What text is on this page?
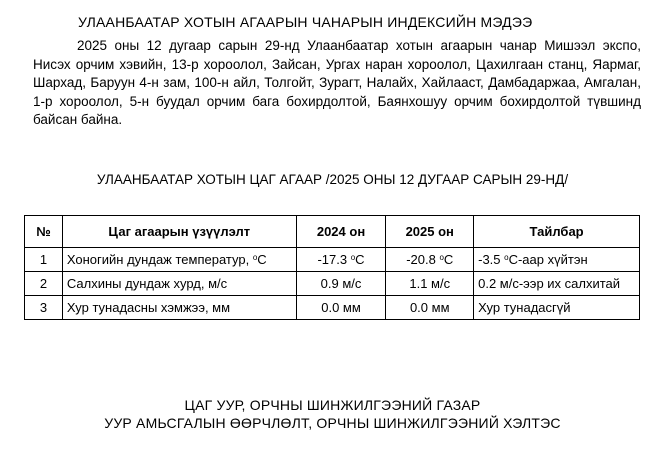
УЛААНБААТАР ХОТЫН АГААРЫН ЧАНАРЫН ИНДЕКСИЙН МЭДЭЭ
2025 оны 12 дугаар сарын 29-нд Улаанбаатар хотын агаарын чанар Мишээл экспо, Нисэх орчим хэвийн, 13-р хороолол, Зайсан, Ургах наран хороолол, Цахилгаан станц, Яармаг, Шархад, Баруун 4-н зам, 100-н айл, Толгойт, Зурагт, Налайх, Хайлааст, Дамбадаржаа, Амгалан, 1-р хороолол, 5-н буудал орчим бага бохирдолтой, Баянхошуу орчим бохирдолтой түвшинд байсан байна.
УЛААНБААТАР ХОТЫН ЦАГ АГААР /2025 ОНЫ 12 ДУГААР САРЫН 29-НД/
№	Цаг агаарын үзүүлэлт	2024 он	2025 он	Тайлбар
1	Хоногийн дундаж температур, $^о$С	-17.3 $^о$С	-20.8 $^о$С	-3.5 $^о$С-аар хүйтэн
2	Салхины дундаж хурд, м/с	0.9 м/с	1.1 м/с	0.2 м/с-ээр их салхитай
3	Хур тунадасны хэмжээ, мм	0.0 мм	0.0 мм	Хур тунадасгүй
ЦАГ УУР, ОРЧНЫ ШИНЖИЛГЭЭНИЙ ГАЗАР
УУР АМЬСГАЛЫН ӨӨРЧЛӨЛТ, ОРЧНЫ ШИНЖИЛГЭЭНИЙ ХЭЛТЭС
